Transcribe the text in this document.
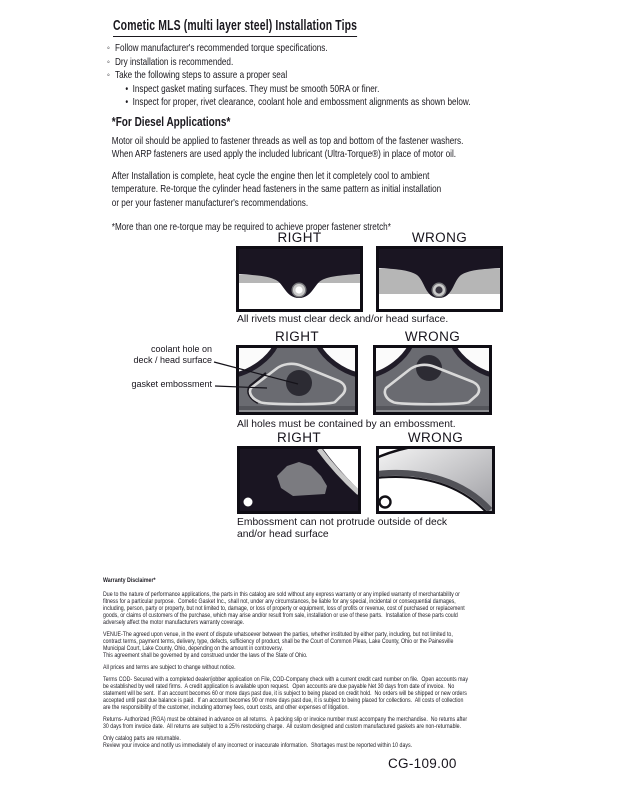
Cometic MLS (multi layer steel) Installation Tips
◦ Follow manufacturer's recommended torque specifications.
◦ Dry installation is recommended.
◦ Take the following steps to assure a proper seal
• Inspect gasket mating surfaces. They must be smooth 50RA or finer.
• Inspect for proper, rivet clearance, coolant hole and embossment alignments as shown below.
*For Diesel Applications*

Motor oil should be applied to fastener threads as well as top and bottom of the fastener washers.
When ARP fasteners are used apply the included lubricant (Ultra-Torque®) in place of motor oil.

After Installation is complete, heat cycle the engine then let it completely cool to ambient
temperature. Re-torque the cylinder head fasteners in the same pattern as initial installation
or per your fastener manufacturer's recommendations.

*More than one re-torque may be required to achieve proper fastener stretch*

RIGHT	WRONG
All rivets must clear deck and/or head surface.
RIGHT	WRONG
coolant hole on
deck / head surface
gasket embossment
All holes must be contained by an embossment.
RIGHT	WRONG
Embossment can not protrude outside of deck
and/or head surface

Warranty Disclaimer*

Due to the nature of performance applications, the parts in this catalog are sold without any express warranty or any implied warranty of merchantability or
fitness for a particular purpose.  Cometic Gasket Inc., shall not, under any circumstances, be liable for any special, incidental or consequential damages,
including, person, party or property, but not limited to, damage, or loss of property or equipment, loss of profits or revenue, cost of purchased or replacement
goods, or claims of customers of the purchase, which may arise and/or result from sale, installation or use of these parts.  Installation of these parts could
adversely affect the motor manufacturers warranty coverage.

VENUE-The agreed upon venue, in the event of dispute whatsoever between the parties, whether instituted by either party, including, but not limited to,
contract terms, payment terms, delivery, type, defects, sufficiency of product, shall be the Court of Common Pleas, Lake County, Ohio or the Painesville
Municipal Court, Lake County, Ohio, depending on the amount in controversy.

This agreement shall be governed by and construed under the laws of the State of Ohio.

All prices and terms are subject to change without notice.

Terms COD- Secured with a completed dealer/jobber application on File, COD-Company check with a current credit card number on file.  Open accounts may
be established by well rated firms.  A credit application is available upon request.  Open accounts are due payable Net 30 days from date of invoice.  No
statement will be sent.  If an account becomes 60 or more days past due, it is subject to being placed on credit hold.  No orders will be shipped or new orders
accepted until past due balance is paid.  If an account becomes 90 or more days past due, it is subject to being placed for collections.  All costs of collection
are the responsibility of the customer, including attorney fees, court costs, and other expenses of litigation.

Returns- Authorized (RGA) must be obtained in advance on all returns.  A packing slip or invoice number must accompany the merchandise.  No returns after
30 days from invoice date.  All returns are subject to a 25% restocking charge.  All custom designed and custom manufactured gaskets are non-returnable.

Only catalog parts are returnable.

Review your invoice and notify us immediately of any incorrect or inaccurate information.  Shortages must be reported within 10 days.

CG-109.00
